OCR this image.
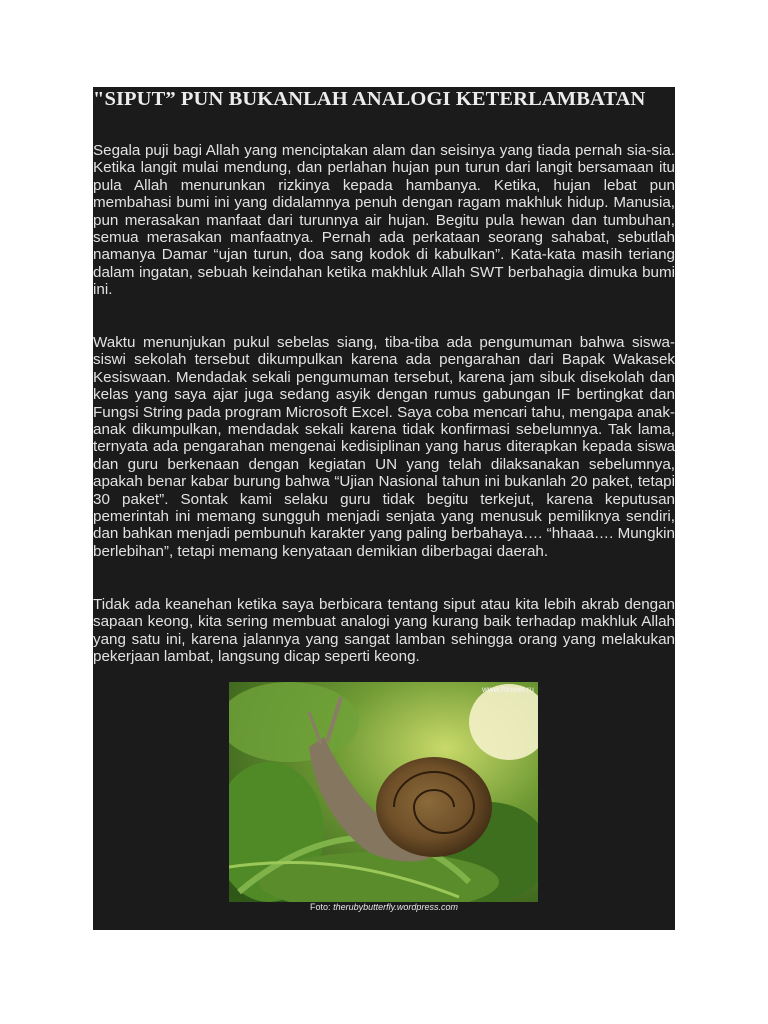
"SIPUT” PUN BUKANLAH ANALOGI KETERLAMBATAN

Segala puji bagi Allah yang menciptakan alam dan seisinya yang tiada pernah sia-sia. Ketika langit mulai mendung, dan perlahan hujan pun turun dari langit bersamaan itu pula Allah menurunkan rizkinya kepada hambanya. Ketika, hujan lebat pun membahasi bumi ini yang didalamnya penuh dengan ragam makhluk hidup. Manusia, pun merasakan manfaat dari turunnya air hujan. Begitu pula hewan dan tumbuhan, semua merasakan manfaatnya. Pernah ada perkataan seorang sahabat, sebutlah namanya Damar “ujan turun, doa sang kodok di kabulkan”. Kata-kata masih teriang dalam ingatan, sebuah keindahan ketika makhluk Allah SWT berbahagia dimuka bumi ini.

Waktu menunjukan pukul sebelas siang, tiba-tiba ada pengumuman bahwa siswa-siswi sekolah tersebut dikumpulkan karena ada pengarahan dari Bapak Wakasek Kesiswaan. Mendadak sekali pengumuman tersebut, karena jam sibuk disekolah dan kelas yang saya ajar juga sedang asyik dengan rumus gabungan IF bertingkat dan Fungsi String pada program Microsoft Excel. Saya coba mencari tahu, mengapa anak-anak dikumpulkan, mendadak sekali karena tidak konfirmasi sebelumnya. Tak lama, ternyata ada pengarahan mengenai kedisiplinan yang harus diterapkan kepada siswa dan guru berkenaan dengan kegiatan UN yang telah dilaksanakan sebelumnya, apakah benar kabar burung bahwa “Ujian Nasional tahun ini bukanlah 20 paket, tetapi 30 paket”. Sontak kami selaku guru tidak begitu terkejut, karena keputusan pemerintah ini memang sungguh menjadi senjata yang menusuk pemiliknya sendiri, dan bahkan menjadi pembunuh karakter yang paling berbahaya…. “hhaaa…. Mungkin berlebihan”, tetapi memang kenyataan demikian diberbagai daerah.

Tidak ada keanehan ketika saya berbicara tentang siput atau kita lebih akrab dengan sapaan keong, kita sering membuat analogi yang kurang baik terhadap makhluk Allah yang satu ini, karena jalannya yang sangat lamban sehingga orang yang melakukan pekerjaan lambat, langsung dicap seperti keong.

www.fonwer.ru
Foto: therubybutterfly.wordpress.com
